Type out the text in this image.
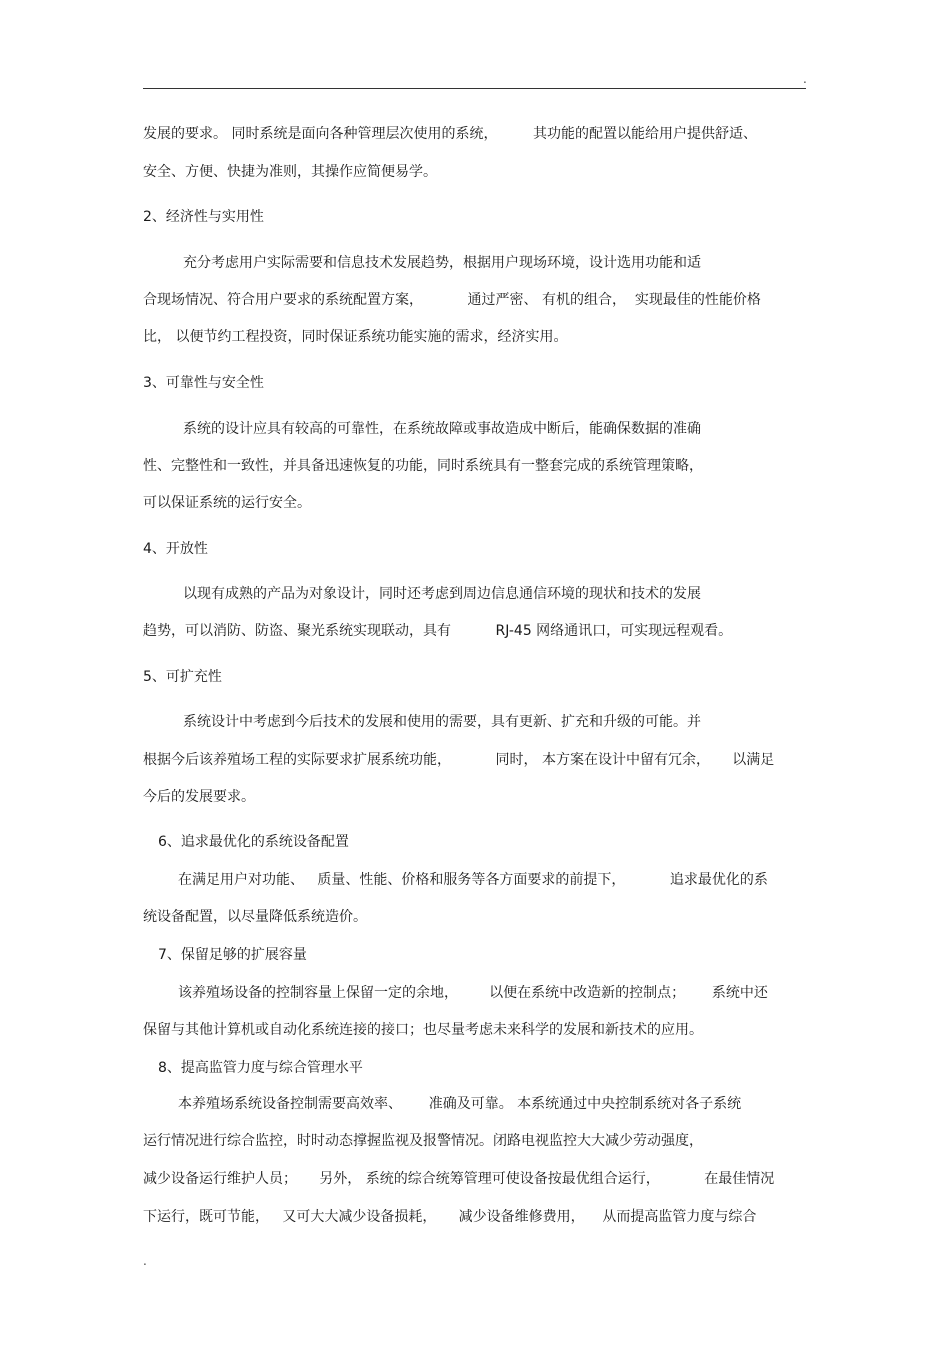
.
发展的要求。 同时系统是面向各种管理层次使用的系统，        其功能的配置以能给用户提供舒适、
安全、方便、快捷为准则，其操作应简便易学。
2、经济性与实用性
充分考虑用户实际需要和信息技术发展趋势，根据用户现场环境，设计选用功能和适
合现场情况、符合用户要求的系统配置方案，          通过严密、 有机的组合，  实现最佳的性能价格
比， 以便节约工程投资，同时保证系统功能实施的需求，经济实用。
3、可靠性与安全性
系统的设计应具有较高的可靠性，在系统故障或事故造成中断后，能确保数据的准确
性、完整性和一致性，并具备迅速恢复的功能，同时系统具有一整套完成的系统管理策略，
可以保证系统的运行安全。
4、开放性
以现有成熟的产品为对象设计，同时还考虑到周边信息通信环境的现状和技术的发展
趋势，可以消防、防盗、聚光系统实现联动，具有          RJ-45 网络通讯口，可实现远程观看。
5、可扩充性
系统设计中考虑到今后技术的发展和使用的需要，具有更新、扩充和升级的可能。并
根据今后该养殖场工程的实际要求扩展系统功能，          同时， 本方案在设计中留有冗余，     以满足
今后的发展要求。
6、追求最优化的系统设备配置
在满足用户对功能、   质量、性能、价格和服务等各方面要求的前提下，          追求最优化的系
统设备配置，以尽量降低系统造价。
7、保留足够的扩展容量
该养殖场设备的控制容量上保留一定的余地，       以便在系统中改造新的控制点；      系统中还
保留与其他计算机或自动化系统连接的接口；也尽量考虑未来科学的发展和新技术的应用。
8、提高监管力度与综合管理水平
本养殖场系统设备控制需要高效率、      准确及可靠。 本系统通过中央控制系统对各子系统
运行情况进行综合监控，时时动态撑握监视及报警情况。闭路电视监控大大减少劳动强度，
减少设备运行维护人员；     另外， 系统的综合统筹管理可使设备按最优组合运行，          在最佳情况
下运行，既可节能，   又可大大减少设备损耗，     减少设备维修费用，    从而提高监管力度与综合
.
